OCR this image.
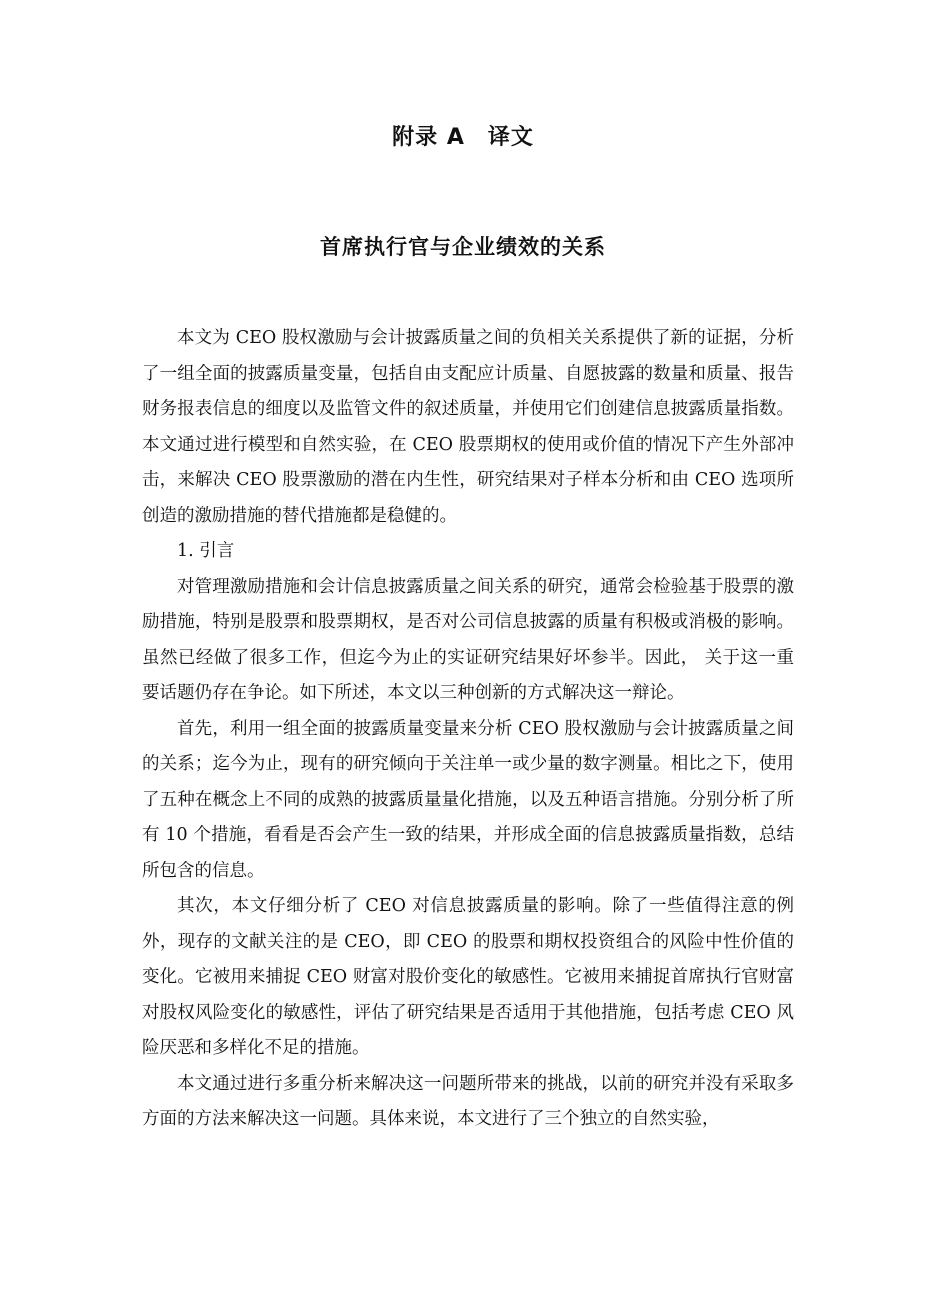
附录 A　译文
首席执行官与企业绩效的关系

本文为 CEO 股权激励与会计披露质量之间的负相关关系提供了新的证据，分析了一组全面的披露质量变量，包括自由支配应计质量、自愿披露的数量和质量、报告财务报表信息的细度以及监管文件的叙述质量，并使用它们创建信息披露质量指数。本文通过进行模型和自然实验，在 CEO 股票期权的使用或价值的情况下产生外部冲击，来解决 CEO 股票激励的潜在内生性，研究结果对子样本分析和由 CEO 选项所创造的激励措施的替代措施都是稳健的。

1. 引言

对管理激励措施和会计信息披露质量之间关系的研究，通常会检验基于股票的激励措施，特别是股票和股票期权，是否对公司信息披露的质量有积极或消极的影响。虽然已经做了很多工作，但迄今为止的实证研究结果好坏参半。因此， 关于这一重要话题仍存在争论。如下所述，本文以三种创新的方式解决这一辩论。

首先，利用一组全面的披露质量变量来分析 CEO 股权激励与会计披露质量之间的关系；迄今为止，现有的研究倾向于关注单一或少量的数字测量。相比之下，使用了五种在概念上不同的成熟的披露质量量化措施，以及五种语言措施。分别分析了所有 10 个措施，看看是否会产生一致的结果，并形成全面的信息披露质量指数，总结所包含的信息。

其次，本文仔细分析了 CEO 对信息披露质量的影响。除了一些值得注意的例外，现存的文献关注的是 CEO，即 CEO 的股票和期权投资组合的风险中性价值的变化。它被用来捕捉 CEO 财富对股价变化的敏感性。它被用来捕捉首席执行官财富对股权风险变化的敏感性，评估了研究结果是否适用于其他措施，包括考虑 CEO 风险厌恶和多样化不足的措施。

本文通过进行多重分析来解决这一问题所带来的挑战，以前的研究并没有采取多方面的方法来解决这一问题。具体来说，本文进行了三个独立的自然实验，
